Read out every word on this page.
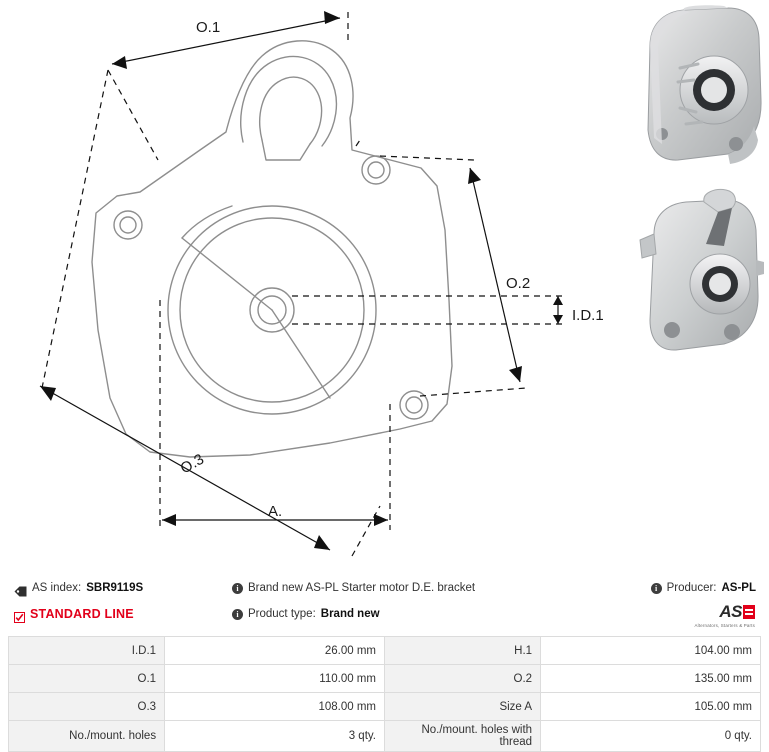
O.1
O.2
O.3
A.
I.D.1
AS index: SBR9119S
STANDARD LINE
i Brand new AS-PL Starter motor D.E. bracket
i Product type: Brand new
i Producer: AS-PL
AS
Alternators, Starters & Parts
I.D.1	26.00 mm	H.1	104.00 mm
O.1	110.00 mm	O.2	135.00 mm
O.3	108.00 mm	Size A	105.00 mm
No./mount. holes	3 qty.	No./mount. holes with thread	0 qty.
